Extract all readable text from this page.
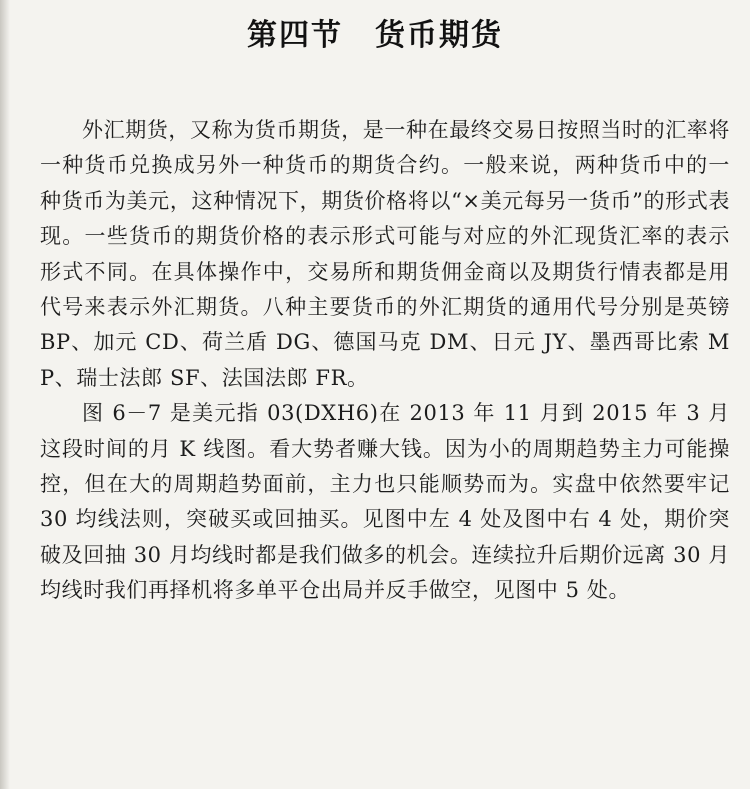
第四节　货币期货

外汇期货，又称为货币期货，是一种在最终交易日按照当时的汇率将一种货币兑换成另外一种货币的期货合约。一般来说，两种货币中的一种货币为美元，这种情况下，期货价格将以“×美元每另一货币”的形式表现。一些货币的期货价格的表示形式可能与对应的外汇现货汇率的表示形式不同。在具体操作中，交易所和期货佣金商以及期货行情表都是用代号来表示外汇期货。八种主要货币的外汇期货的通用代号分别是英镑 BP、加元 CD、荷兰盾 DG、德国马克 DM、日元 JY、墨西哥比索 MP、瑞士法郎 SF、法国法郎 FR。

图 6－7 是美元指 03(DXH6)在 2013 年 11 月到 2015 年 3 月这段时间的月 K 线图。看大势者赚大钱。因为小的周期趋势主力可能操控，但在大的周期趋势面前，主力也只能顺势而为。实盘中依然要牢记 30 均线法则，突破买或回抽买。见图中左 4 处及图中右 4 处，期价突破及回抽 30 月均线时都是我们做多的机会。连续拉升后期价远离 30 月均线时我们再择机将多单平仓出局并反手做空，见图中 5 处。
